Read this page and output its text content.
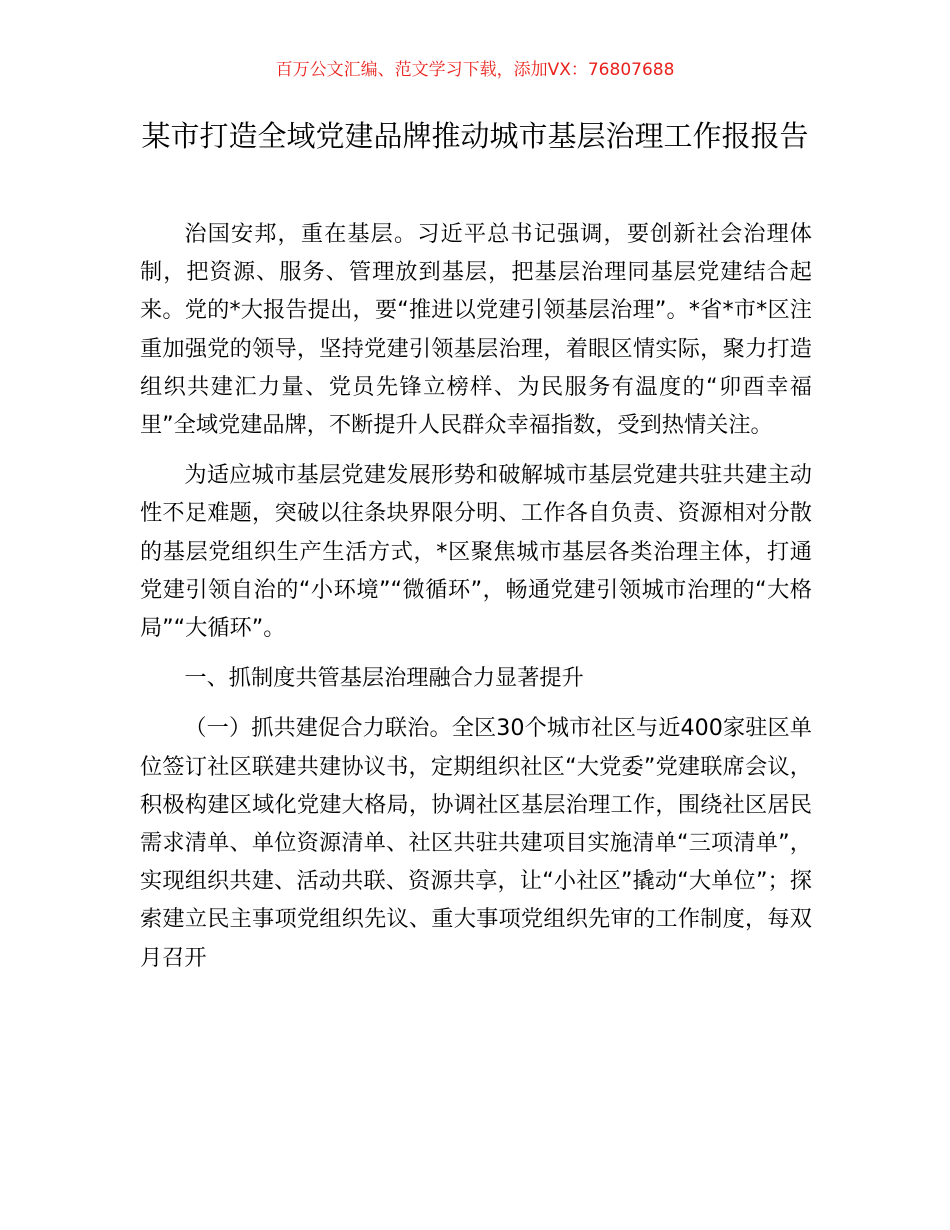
百万公文汇编、范文学习下载，添加VX：76807688
某市打造全域党建品牌推动城市基层治理工作报报告

治国安邦，重在基层。习近平总书记强调，要创新社会治理体制，把资源、服务、管理放到基层，把基层治理同基层党建结合起来。党的*大报告提出，要“推进以党建引领基层治理”。*省*市*区注重加强党的领导，坚持党建引领基层治理，着眼区情实际，聚力打造组织共建汇力量、党员先锋立榜样、为民服务有温度的“卯酉幸福里”全域党建品牌，不断提升人民群众幸福指数，受到热情关注。

为适应城市基层党建发展形势和破解城市基层党建共驻共建主动性不足难题，突破以往条块界限分明、工作各自负责、资源相对分散的基层党组织生产生活方式，*区聚焦城市基层各类治理主体，打通党建引领自治的“小环境”“微循环”，畅通党建引领城市治理的“大格局”“大循环”。

一、抓制度共管基层治理融合力显著提升

（一）抓共建促合力联治。全区30个城市社区与近400家驻区单位签订社区联建共建协议书，定期组织社区“大党委”党建联席会议，积极构建区域化党建大格局，协调社区基层治理工作，围绕社区居民需求清单、单位资源清单、社区共驻共建项目实施清单“三项清单”，实现组织共建、活动共联、资源共享，让“小社区”撬动“大单位”；探索建立民主事项党组织先议、重大事项党组织先审的工作制度，每双月召开
